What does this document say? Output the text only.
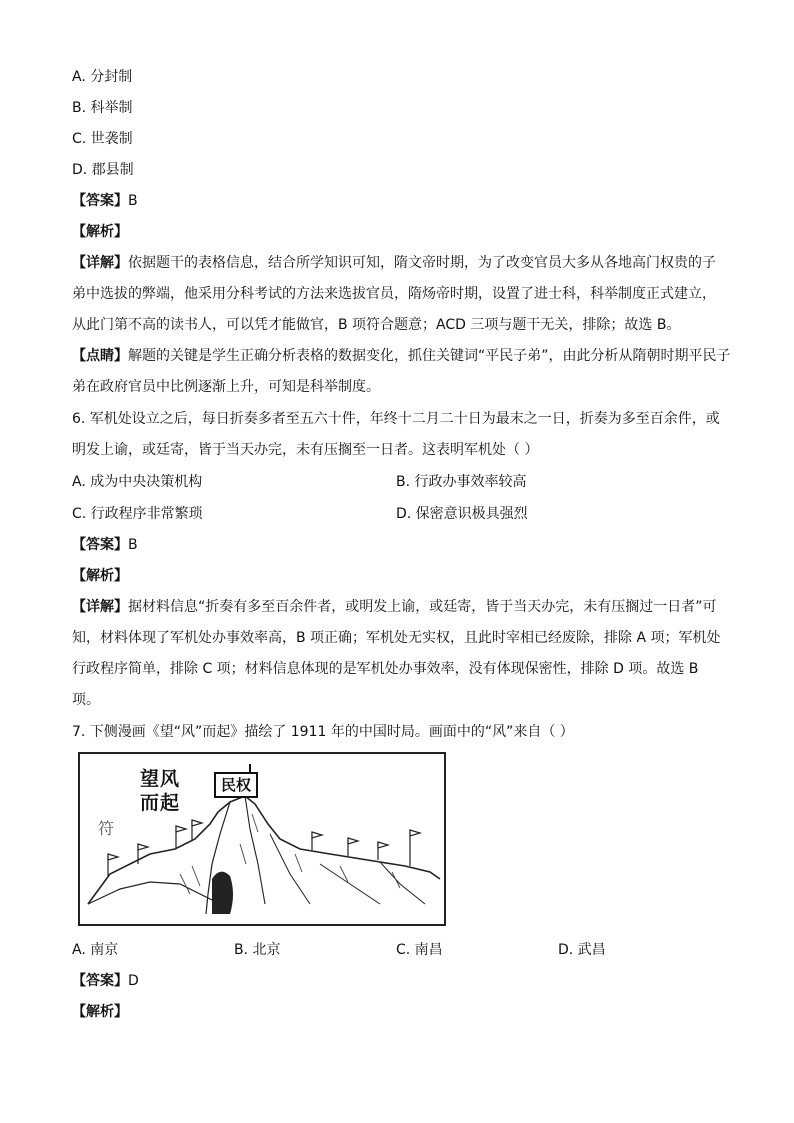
A. 分封制
B. 科举制
C. 世袭制
D. 郡县制
【答案】B
【解析】
【详解】依据题干的表格信息，结合所学知识可知，隋文帝时期，为了改变官员大多从各地高门权贵的子
弟中选拔的弊端，他采用分科考试的方法来选拔官员，隋炀帝时期，设置了进士科，科举制度正式建立，
从此门第不高的读书人，可以凭才能做官，B 项符合题意；ACD 三项与题干无关，排除；故选 B。
【点睛】解题的关键是学生正确分析表格的数据变化，抓住关键词“平民子弟”，由此分析从隋朝时期平民子
弟在政府官员中比例逐渐上升，可知是科举制度。
6. 军机处设立之后，每日折奏多者至五六十件，年终十二月二十日为最末之一日，折奏为多至百余件，或
明发上谕，或廷寄，皆于当天办完，未有压搁至一日者。这表明军机处（ ）
A. 成为中央决策机构	B. 行政办事效率较高
C. 行政程序非常繁琐	D. 保密意识极具强烈
【答案】B
【解析】
【详解】据材料信息“折奏有多至百余件者，或明发上谕，或廷寄，皆于当天办完，未有压搁过一日者”可
知，材料体现了军机处办事效率高，B 项正确；军机处无实权，且此时宰相已经废除，排除 A 项；军机处
行政程序简单，排除 C 项；材料信息体现的是军机处办事效率，没有体现保密性，排除 D 项。故选 B
项。
7. 下侧漫画《望“风”而起》描绘了 1911 年的中国时局。画面中的“风”来自（ ）
望风
而起
民权
符
A. 南京	B. 北京	C. 南昌	D. 武昌
【答案】D
【解析】
